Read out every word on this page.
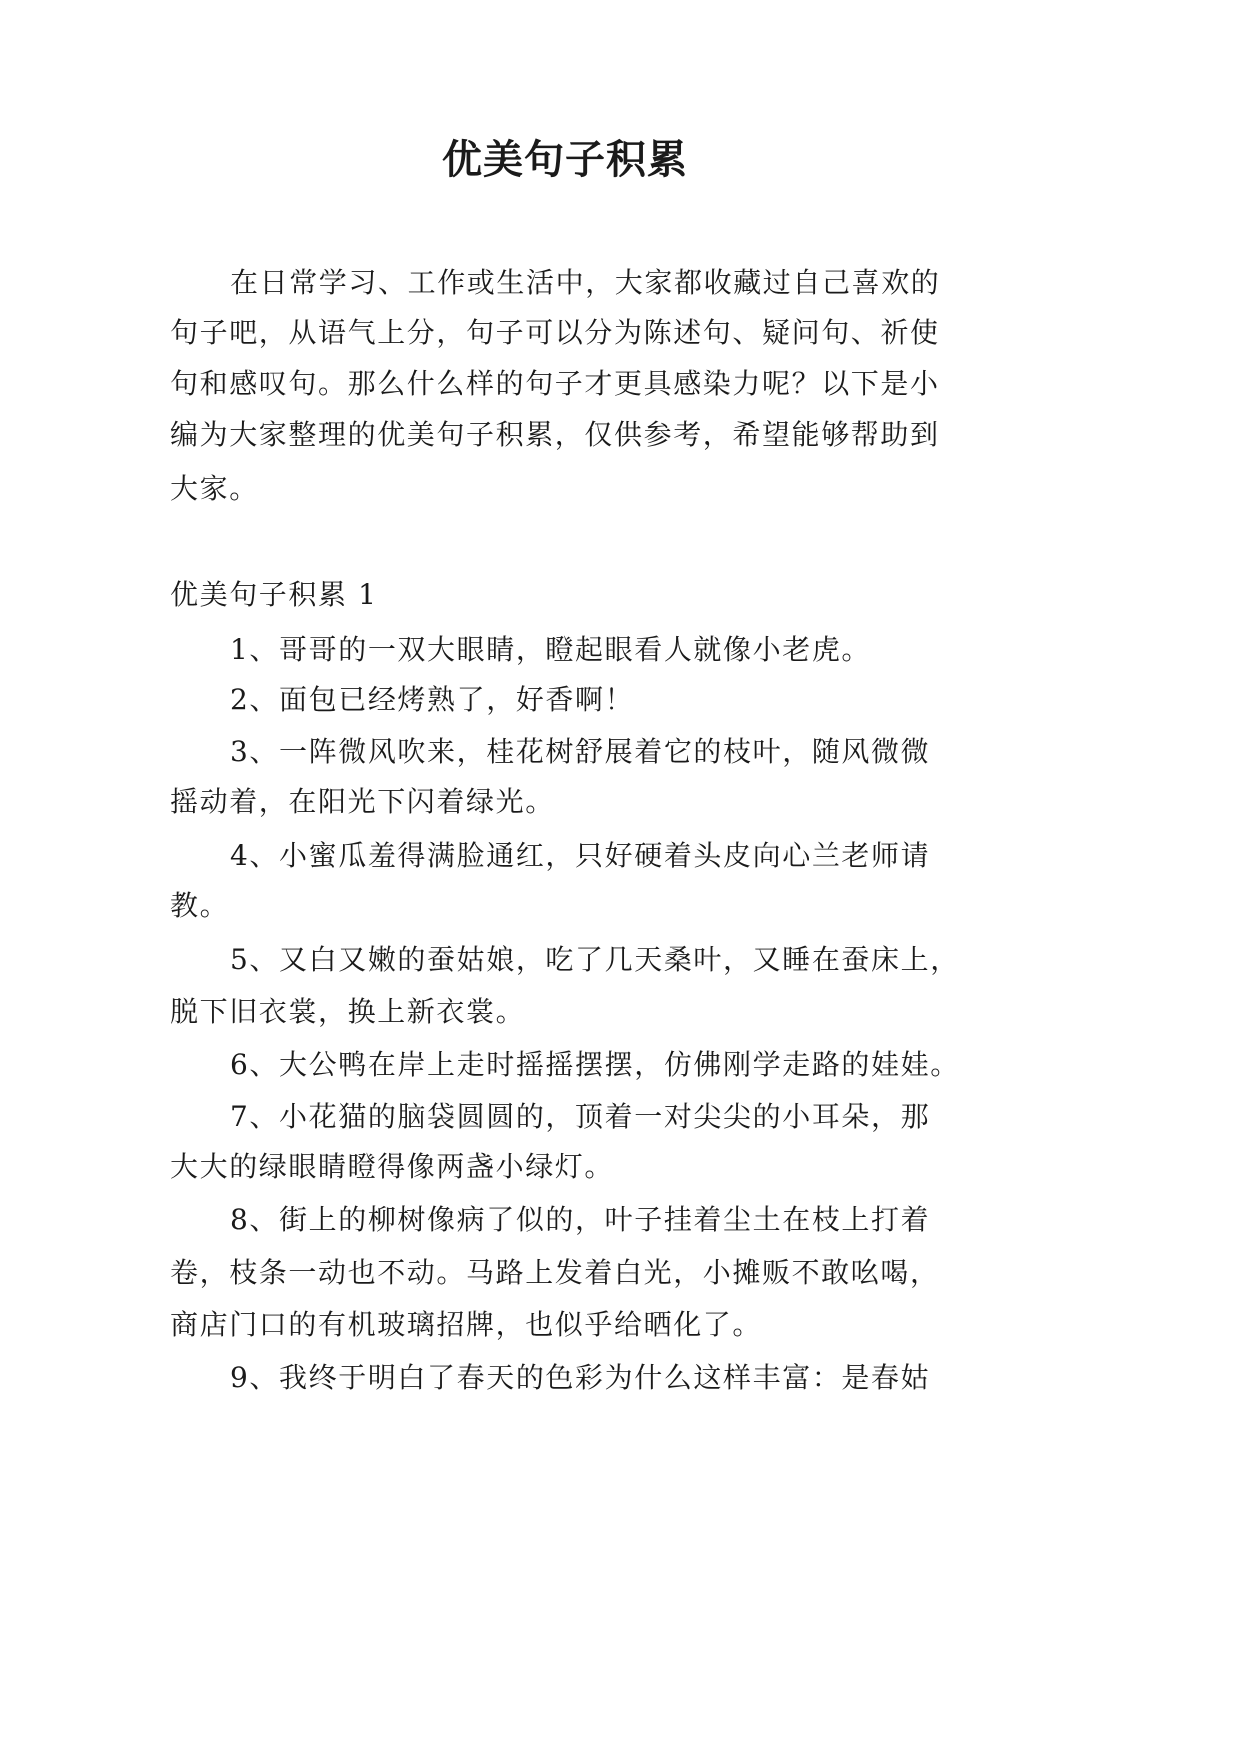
优美句子积累
在日常学习、工作或生活中，大家都收藏过自己喜欢的
句子吧，从语气上分，句子可以分为陈述句、疑问句、祈使
句和感叹句。那么什么样的句子才更具感染力呢？以下是小
编为大家整理的优美句子积累，仅供参考，希望能够帮助到
大家。
优美句子积累 1
1、哥哥的一双大眼睛，瞪起眼看人就像小老虎。
2、面包已经烤熟了，好香啊！
3、一阵微风吹来，桂花树舒展着它的枝叶，随风微微
摇动着，在阳光下闪着绿光。
4、小蜜瓜羞得满脸通红，只好硬着头皮向心兰老师请
教。
5、又白又嫩的蚕姑娘，吃了几天桑叶，又睡在蚕床上，
脱下旧衣裳，换上新衣裳。
6、大公鸭在岸上走时摇摇摆摆，仿佛刚学走路的娃娃。
7、小花猫的脑袋圆圆的，顶着一对尖尖的小耳朵，那
大大的绿眼睛瞪得像两盏小绿灯。
8、街上的柳树像病了似的，叶子挂着尘土在枝上打着
卷，枝条一动也不动。马路上发着白光，小摊贩不敢吆喝，
商店门口的有机玻璃招牌，也似乎给晒化了。
9、我终于明白了春天的色彩为什么这样丰富：是春姑
